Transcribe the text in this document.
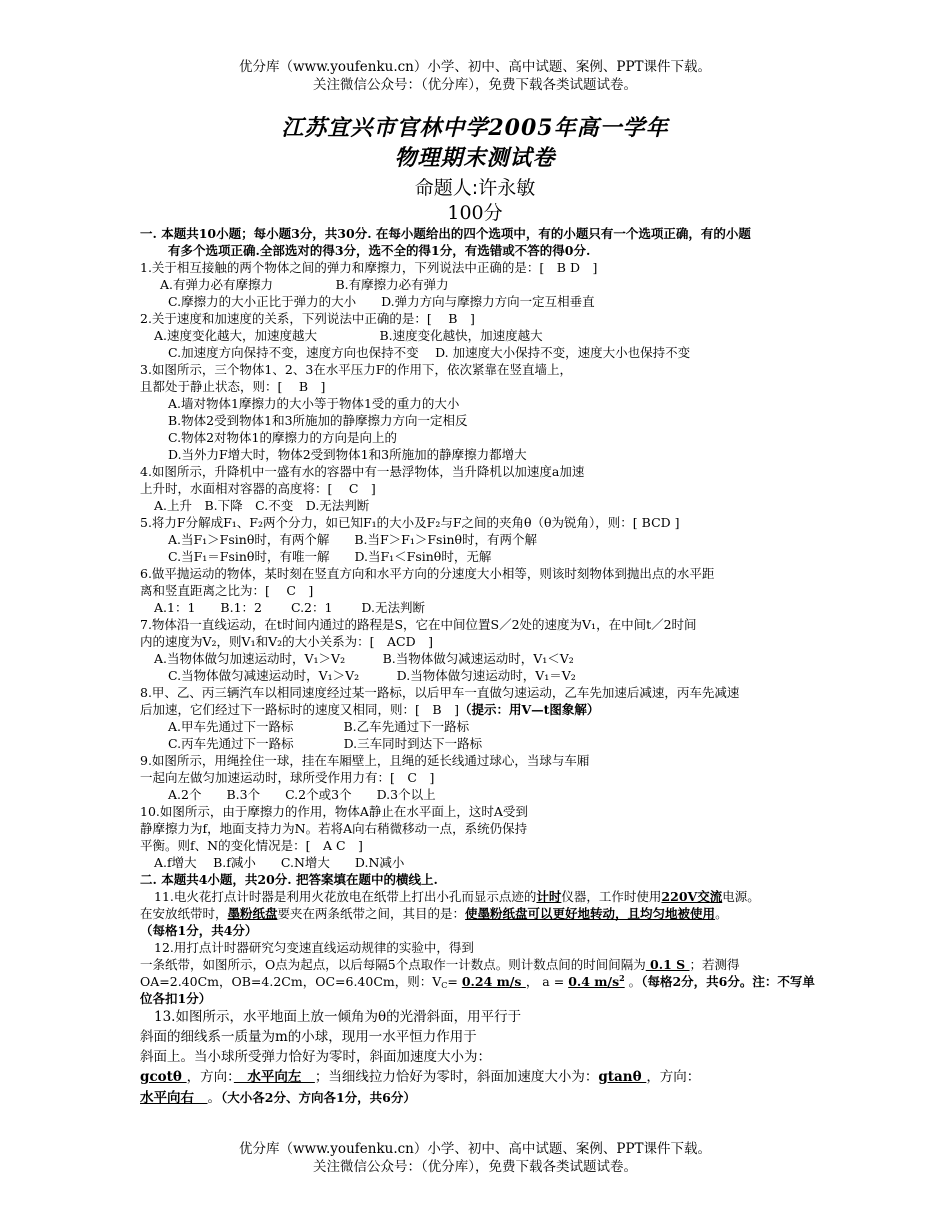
优分库（www.youfenku.cn）小学、初中、高中试题、案例、PPT课件下载。
关注微信公众号：（优分库），免费下载各类试题试卷。
江苏宜兴市官林中学2005年高一学年
物理期末测试卷
命题人:许永敏
100分
一. 本题共10小题；每小题3分，共30分. 在每小题给出的四个选项中，有的小题只有一个选项正确，有的小题
有多个选项正确.全部选对的得3分，选不全的得1分，有选错或不答的得0分.
1.关于相互接触的两个物体之间的弹力和摩擦力，下列说法中正确的是：[　B D　]
A.有弹力必有摩擦力　　　　　B.有摩擦力必有弹力
C.摩擦力的大小正比于弹力的大小　　D.弹力方向与摩擦力方向一定互相垂直
2.关于速度和加速度的关系，下列说法中正确的是：[　 B　]
A.速度变化越大，加速度越大　　　　　B.速度变化越快，加速度越大
C.加速度方向保持不变，速度方向也保持不变　 D. 加速度大小保持不变，速度大小也保持不变
3.如图所示，三个物体1、2、3在水平压力F的作用下，依次紧靠在竖直墙上，
且都处于静止状态，则：[　 B　]
A.墙对物体1摩擦力的大小等于物体1受的重力的大小
B.物体2受到物体1和3所施加的静摩擦力方向一定相反
C.物体2对物体1的摩擦力的方向是向上的
D.当外力F增大时，物体2受到物体1和3所施加的静摩擦力都增大
4.如图所示，升降机中一盛有水的容器中有一悬浮物体，当升降机以加速度a加速
上升时，水面相对容器的高度将：[　 C　]
A.上升　B.下降　C.不变　D.无法判断
5.将力F分解成F₁、F₂两个分力，如已知F₁的大小及F₂与F之间的夹角θ（θ为锐角），则：[ BCD ]
A.当F₁＞Fsinθ时，有两个解　　B.当F＞F₁＞Fsinθ时，有两个解
C.当F₁＝Fsinθ时，有唯一解　　D.当F₁＜Fsinθ时，无解
6.做平抛运动的物体，某时刻在竖直方向和水平方向的分速度大小相等，则该时刻物体到抛出点的水平距
离和竖直距离之比为：[　 C　]
A.1：1　　B.1：2　　 C.2：1　　 D.无法判断
7.物体沿一直线运动，在t时间内通过的路程是S，它在中间位置S／2处的速度为V₁，在中间t／2时间
内的速度为V₂，则V₁和V₂的大小关系为：[　ACD　]
A.当物体做匀加速运动时，V₁＞V₂　　　B.当物体做匀减速运动时，V₁＜V₂
C.当物体做匀减速运动时，V₁＞V₂　　　D.当物体做匀速运动时，V₁＝V₂
8.甲、乙、丙三辆汽车以相同速度经过某一路标，以后甲车一直做匀速运动，乙车先加速后减速，丙车先减速
后加速，它们经过下一路标时的速度又相同，则：[　B　]（提示：用V—t图象解）
A.甲车先通过下一路标　　　　B.乙车先通过下一路标
C.丙车先通过下一路标　　　　D.三车同时到达下一路标
9.如图所示，用绳拴住一球，挂在车厢壁上，且绳的延长线通过球心，当球与车厢
一起向左做匀加速运动时，球所受作用力有：[　C　]
A.2个　　B.3个　　C.2个或3个　　D.3个以上
10.如图所示，由于摩擦力的作用，物体A静止在水平面上，这时A受到
静摩擦力为f，地面支持力为N。若将A向右稍微移动一点，系统仍保持
平衡。则f、N的变化情况是：[　A C　]
A.f增大　 B.f减小　　C.N增大　　D.N减小
二. 本题共4小题，共20分. 把答案填在题中的横线上.
11.电火花打点计时器是利用火花放电在纸带上打出小孔而显示点迹的计时仪器，工作时使用220V交流电源。
在安放纸带时，墨粉纸盘要夹在两条纸带之间，其目的是：使墨粉纸盘可以更好地转动，且均匀地被使用。
（每格1分，共4分）
12.用打点计时器研究匀变速直线运动规律的实验中，得到
一条纸带，如图所示，O点为起点，以后每隔5个点取作一计数点。则计数点间的时间间隔为 0.1 S ；若测得
OA=2.40Cm，OB=4.2Cm，OC=6.40Cm，则：$V_C= 0.24$ m/s ， a = 0.4 $m/s^2$ 。（每格2分，共6分。注：不写单
位各扣1分）
13.如图所示，水平地面上放一倾角为θ的光滑斜面，用平行于
斜面的细线系一质量为m的小球，现用一水平恒力作用于
斜面上。当小球所受弹力恰好为零时，斜面加速度大小为：
gcotθ ，方向：　水平向左　；当细线拉力恰好为零时，斜面加速度大小为：gtanθ ，方向：
水平向右　。（大小各2分、方向各1分，共6分）
优分库（www.youfenku.cn）小学、初中、高中试题、案例、PPT课件下载。
关注微信公众号：（优分库），免费下载各类试题试卷。
